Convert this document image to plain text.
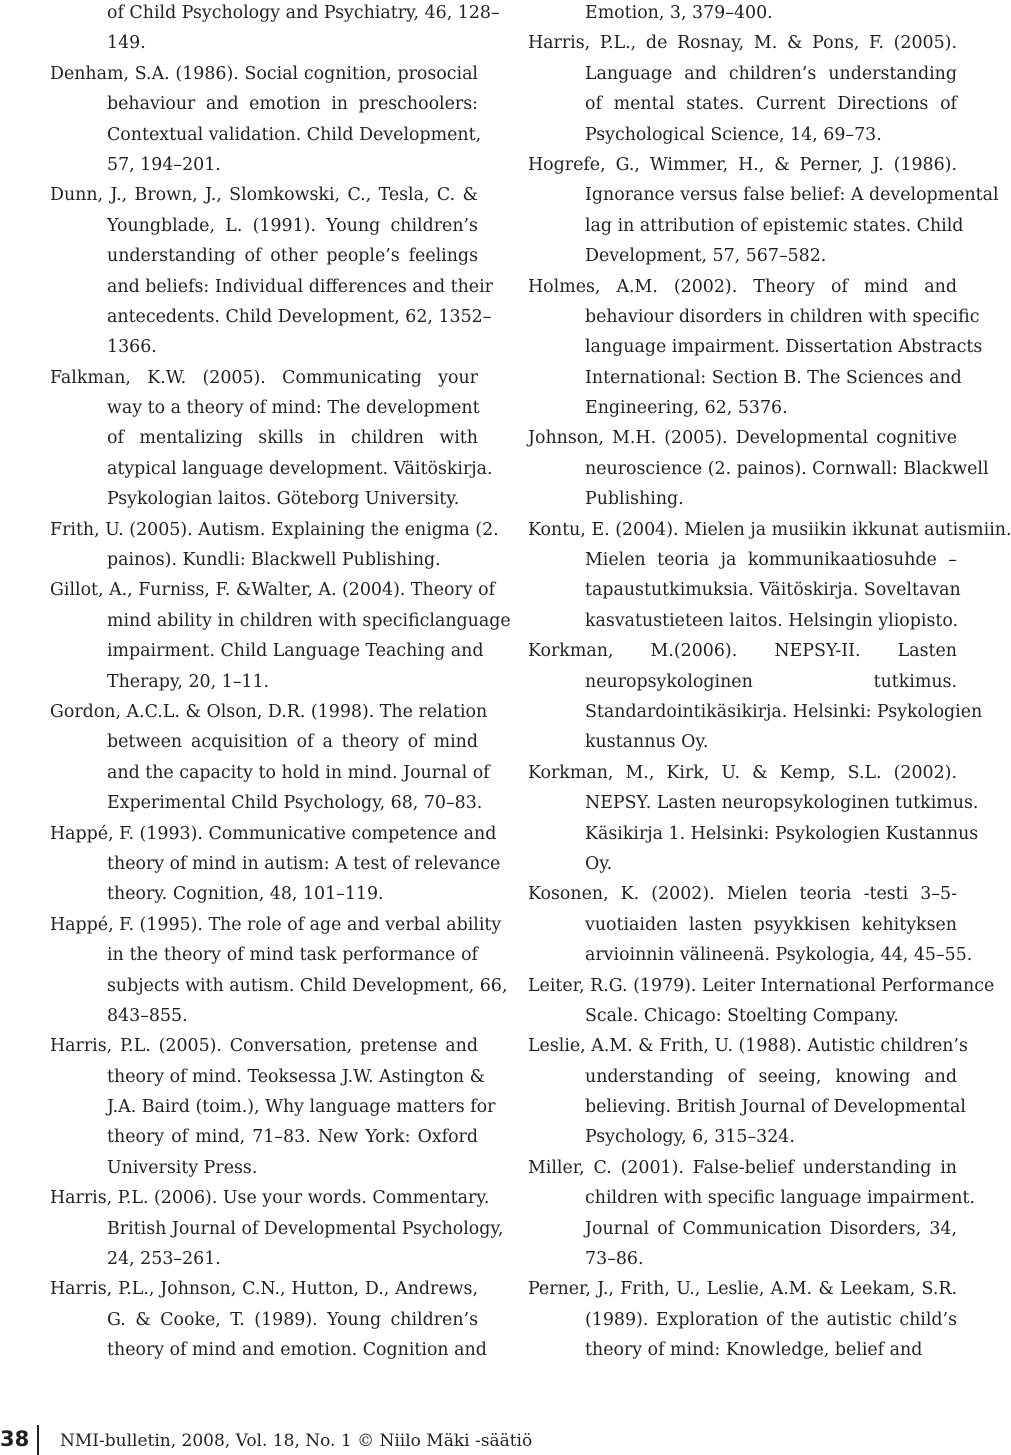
of Child Psychology and Psychiatry, 46, 128–
149.
Denham, S.A. (1986). Social cognition, prosocial
behaviour and emotion in preschoolers:
Contextual validation. Child Development,
57, 194–201.
Dunn, J., Brown, J., Slomkowski, C., Tesla, C. &
Youngblade, L. (1991). Young children’s
understanding of other people’s feelings
and beliefs: Individual differences and their
antecedents. Child Development, 62, 1352–
1366.
Falkman, K.W. (2005). Communicating your
way to a theory of mind: The development
of mentalizing skills in children with
atypical language development. Väitöskirja.
Psykologian laitos. Göteborg University.
Frith, U. (2005). Autism. Explaining the enigma (2.
painos). Kundli: Blackwell Publishing.
Gillot, A., Furniss, F. &Walter, A. (2004). Theory of
mind ability in children with specificlanguage
impairment. Child Language Teaching and
Therapy, 20, 1–11.
Gordon, A.C.L. & Olson, D.R. (1998). The relation
between acquisition of a theory of mind
and the capacity to hold in mind. Journal of
Experimental Child Psychology, 68, 70–83.
Happé, F. (1993). Communicative competence and
theory of mind in autism: A test of relevance
theory. Cognition, 48, 101–119.
Happé, F. (1995). The role of age and verbal ability
in the theory of mind task performance of
subjects with autism. Child Development, 66,
843–855.
Harris, P.L. (2005). Conversation, pretense and
theory of mind. Teoksessa J.W. Astington &
J.A. Baird (toim.), Why language matters for
theory of mind, 71–83. New York: Oxford
University Press.
Harris, P.L. (2006). Use your words. Commentary.
British Journal of Developmental Psychology,
24, 253–261.
Harris, P.L., Johnson, C.N., Hutton, D., Andrews,
G. & Cooke, T. (1989). Young children’s
theory of mind and emotion. Cognition and
Emotion, 3, 379–400.
Harris, P.L., de Rosnay, M. & Pons, F. (2005).
Language and children’s understanding
of mental states. Current Directions of
Psychological Science, 14, 69–73.
Hogrefe, G., Wimmer, H., & Perner, J. (1986).
Ignorance versus false belief: A developmental
lag in attribution of epistemic states. Child
Development, 57, 567–582.
Holmes, A.M. (2002). Theory of mind and
behaviour disorders in children with specific
language impairment. Dissertation Abstracts
International: Section B. The Sciences and
Engineering, 62, 5376.
Johnson, M.H. (2005). Developmental cognitive
neuroscience (2. painos). Cornwall: Blackwell
Publishing.
Kontu, E. (2004). Mielen ja musiikin ikkunat autismiin.
Mielen teoria ja kommunikaatiosuhde –
tapaustutkimuksia. Väitöskirja. Soveltavan
kasvatustieteen laitos. Helsingin yliopisto.
Korkman, M.(2006). NEPSY-II. Lasten
neuropsykologinen tutkimus.
Standardointikäsikirja. Helsinki: Psykologien
kustannus Oy.
Korkman, M., Kirk, U. & Kemp, S.L. (2002).
NEPSY. Lasten neuropsykologinen tutkimus.
Käsikirja 1. Helsinki: Psykologien Kustannus
Oy.
Kosonen, K. (2002). Mielen teoria -testi 3–5-
vuotiaiden lasten psyykkisen kehityksen
arvioinnin välineenä. Psykologia, 44, 45–55.
Leiter, R.G. (1979). Leiter International Performance
Scale. Chicago: Stoelting Company.
Leslie, A.M. & Frith, U. (1988). Autistic children’s
understanding of seeing, knowing and
believing. British Journal of Developmental
Psychology, 6, 315–324.
Miller, C. (2001). False-belief understanding in
children with specific language impairment.
Journal of Communication Disorders, 34,
73–86.
Perner, J., Frith, U., Leslie, A.M. & Leekam, S.R.
(1989). Exploration of the autistic child’s
theory of mind: Knowledge, belief and
38 NMI-bulletin, 2008, Vol. 18, No. 1 © Niilo Mäki -säätiö
